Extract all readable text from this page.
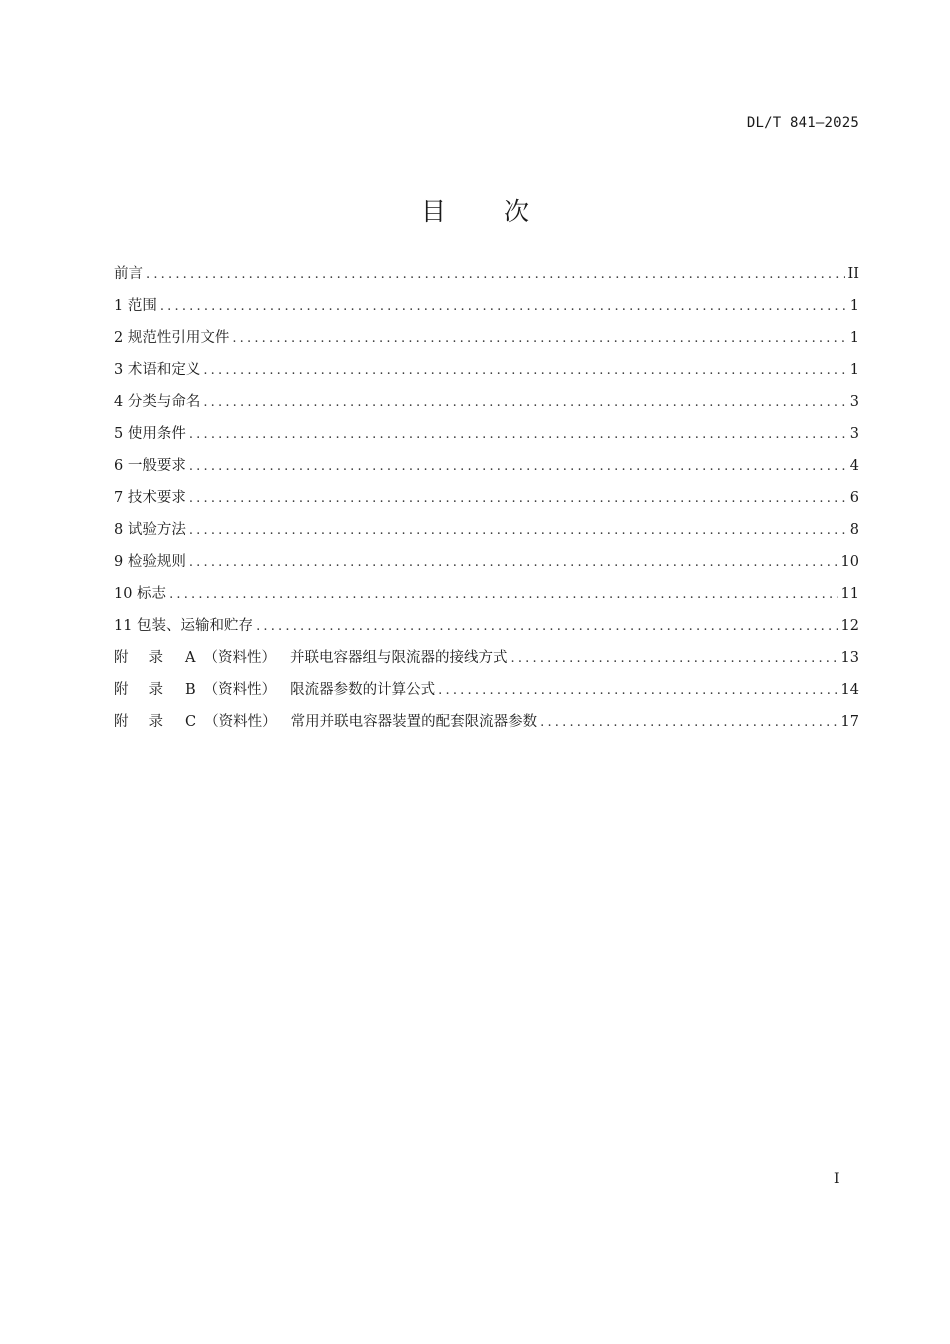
DL/T 841—2025
目 次
前言 .....	II
1 范围 .....	1
2 规范性引用文件 .....	1
3 术语和定义 .....	1
4 分类与命名 .....	3
5 使用条件 .....	3
6 一般要求 .....	4
7 技术要求 .....	6
8 试验方法 .....	8
9 检验规则 .....	10
10 标志 .....	11
11 包装、运输和贮存 .....	12
附 录 A （资料性） 并联电容器组与限流器的接线方式 .....	13
附 录 B （资料性） 限流器参数的计算公式 .....	14
附 录 C （资料性） 常用并联电容器装置的配套限流器参数 .....	17
I
